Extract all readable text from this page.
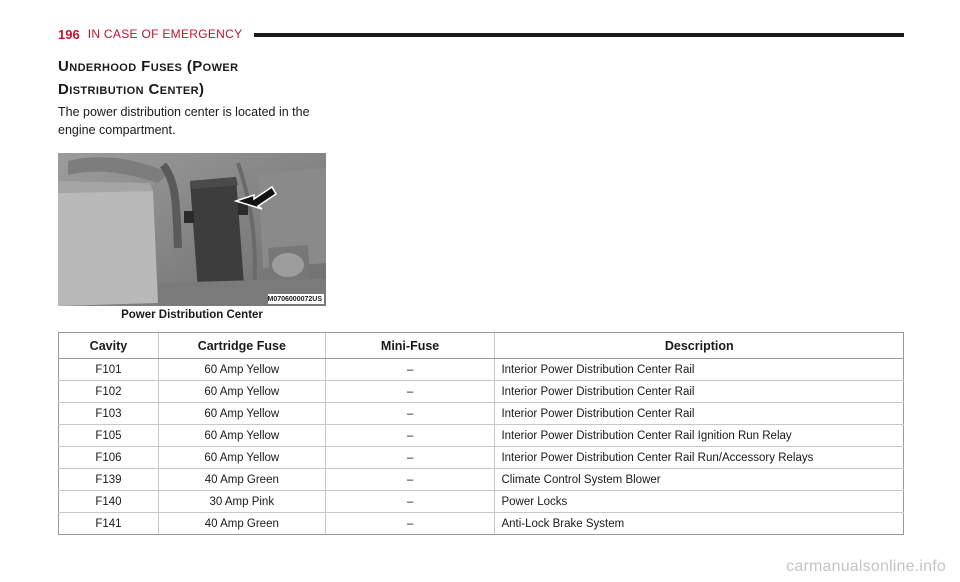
196 IN CASE OF EMERGENCY
Underhood Fuses (Power
Distribution Center)

The power distribution center is located in the engine compartment.

M0706000072US
Power Distribution Center
Cavity	Cartridge Fuse	Mini-Fuse	Description
F101	60 Amp Yellow	–	Interior Power Distribution Center Rail
F102	60 Amp Yellow	–	Interior Power Distribution Center Rail
F103	60 Amp Yellow	–	Interior Power Distribution Center Rail
F105	60 Amp Yellow	–	Interior Power Distribution Center Rail Ignition Run Relay
F106	60 Amp Yellow	–	Interior Power Distribution Center Rail Run/Accessory Relays
F139	40 Amp Green	–	Climate Control System Blower
F140	30 Amp Pink	–	Power Locks
F141	40 Amp Green	–	Anti-Lock Brake System
carmanualsonline.info
